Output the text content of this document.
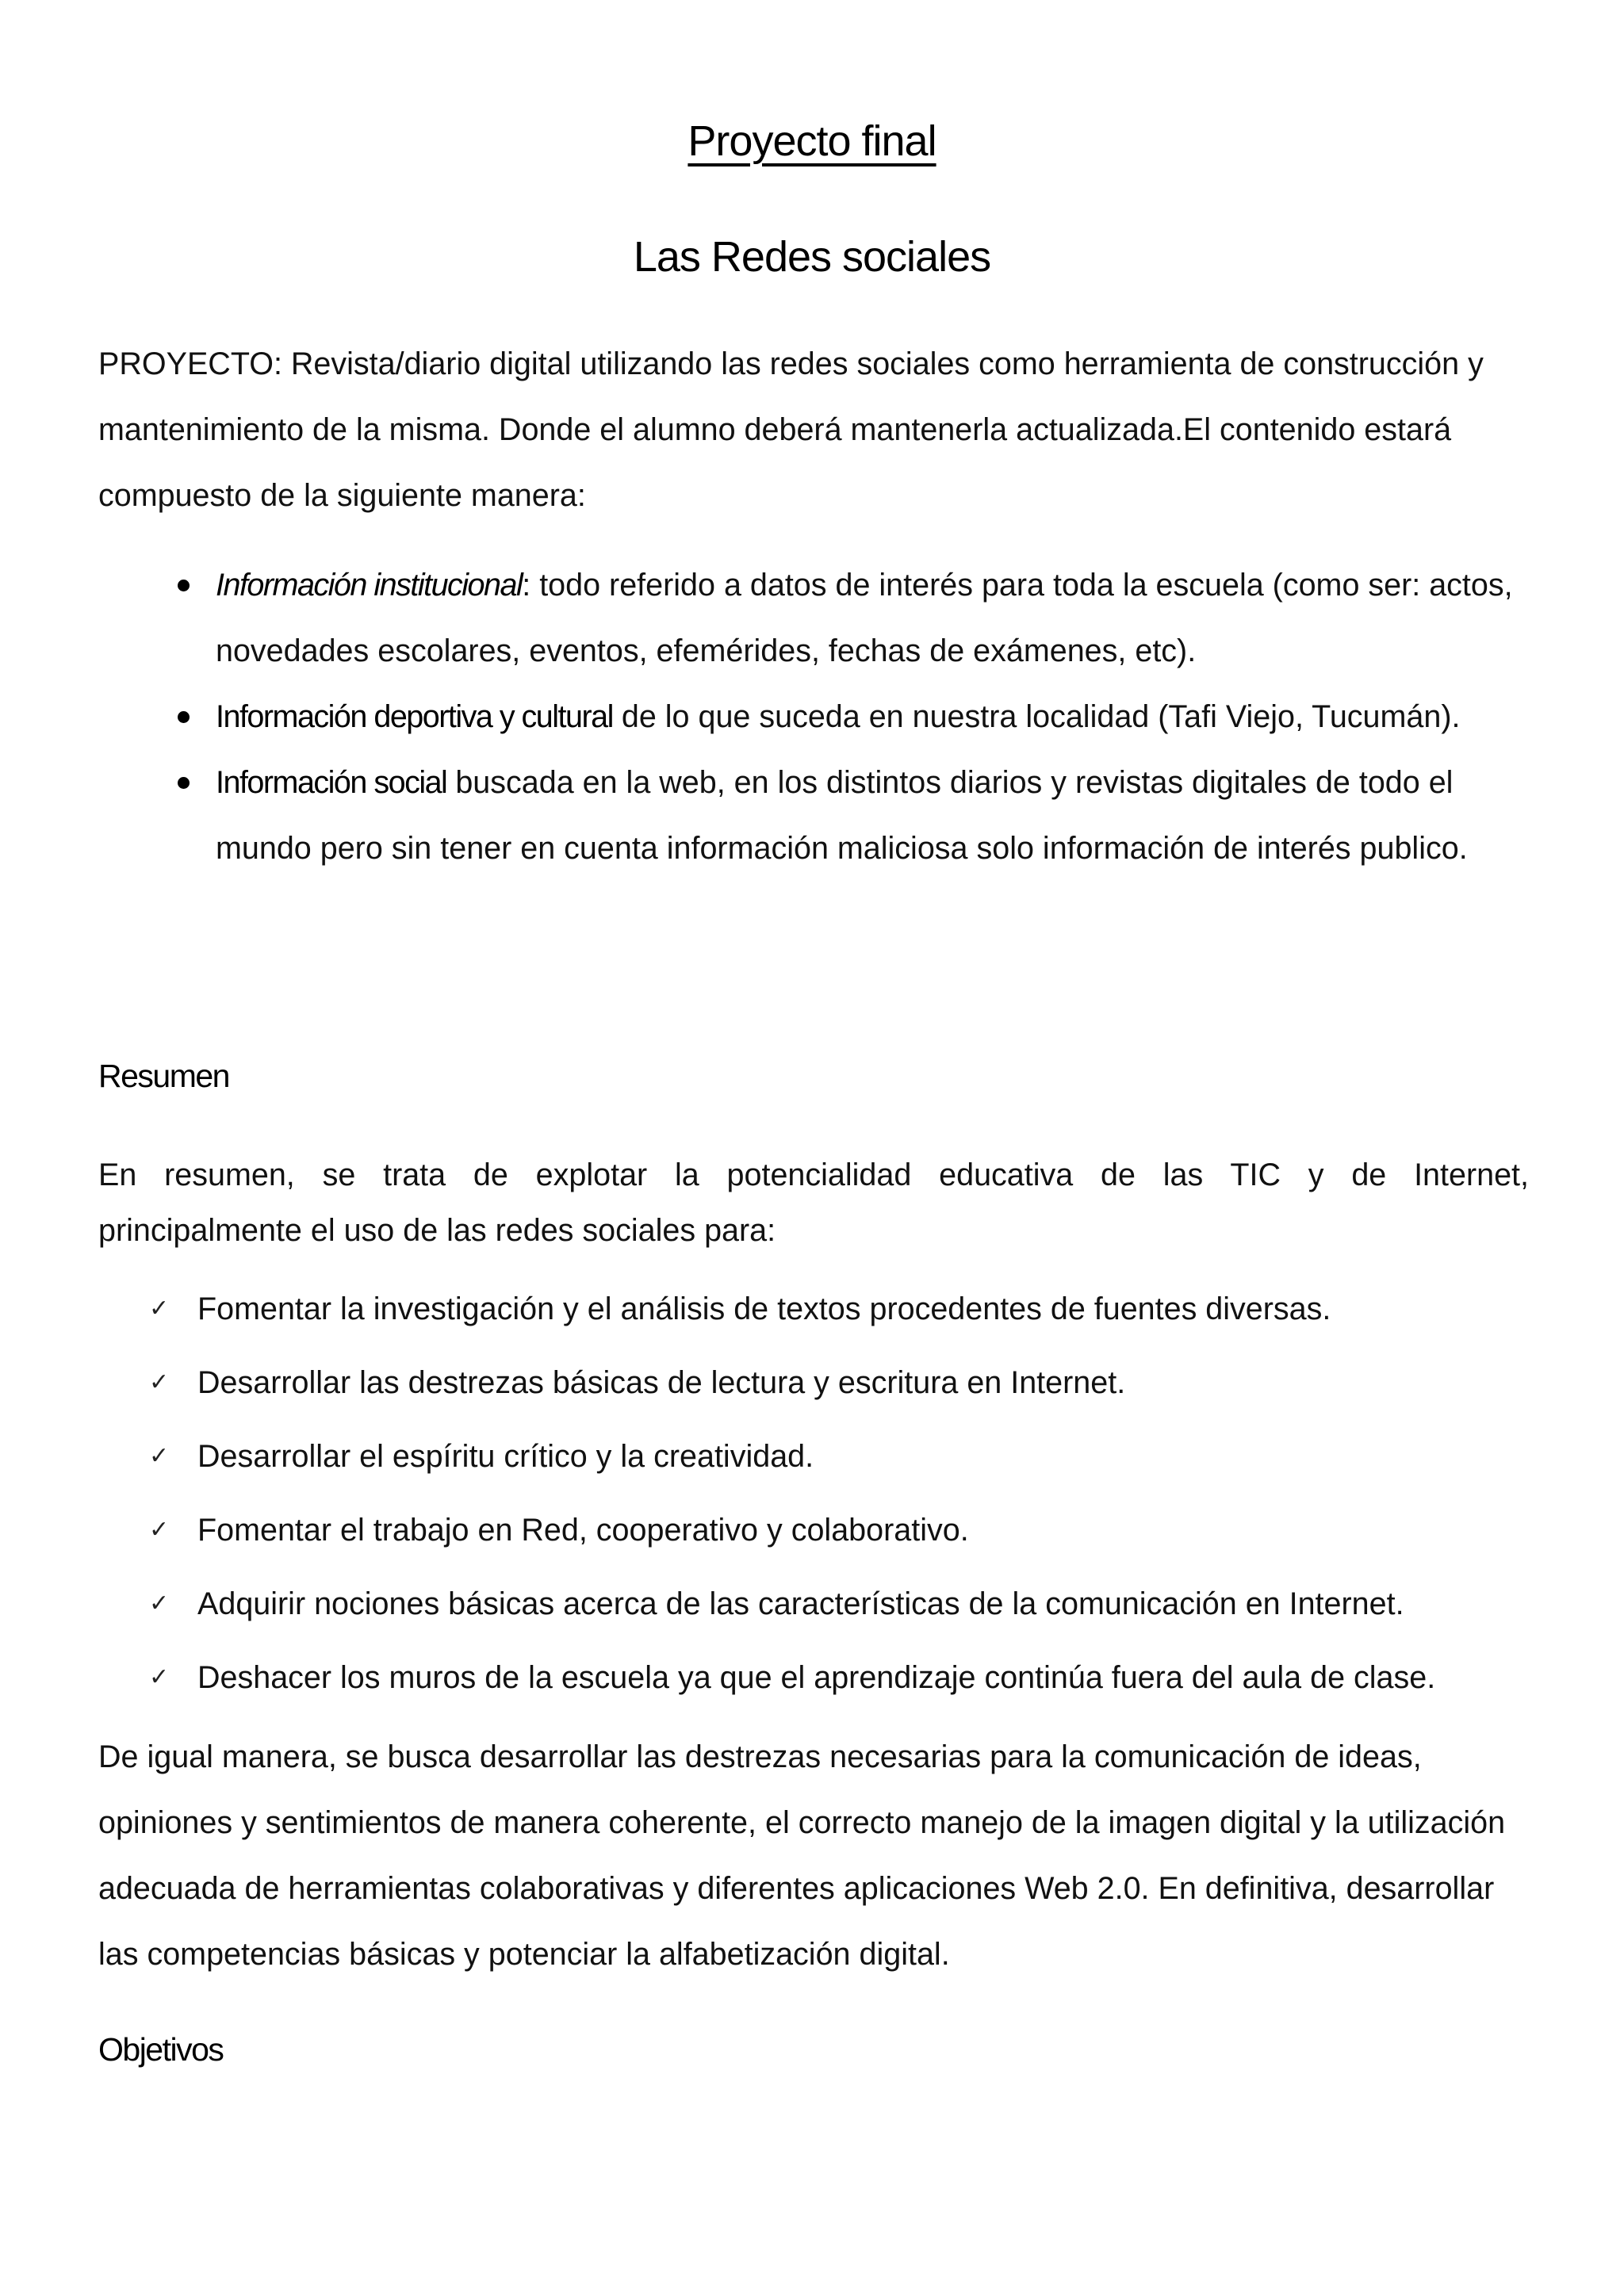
Proyecto final
Las Redes sociales

PROYECTO: Revista/diario digital utilizando las redes sociales como herramienta de construcción y mantenimiento de la misma. Donde el alumno deberá mantenerla actualizada.El contenido estará compuesto de la siguiente manera:

Información institucional: todo referido a datos de interés para toda la escuela (como ser: actos, novedades escolares, eventos, efemérides, fechas de exámenes, etc).
Información deportiva y cultural de lo que suceda en nuestra localidad (Tafi Viejo, Tucumán).
Información social buscada en la web, en los distintos diarios y revistas digitales de todo el mundo pero sin tener en cuenta información maliciosa solo información de interés publico.
Resumen

En resumen, se trata de explotar la potencialidad educativa de las TIC y de Internet,
principalmente el uso de las redes sociales para:

✓ Fomentar la investigación y el análisis de textos procedentes de fuentes diversas.
✓ Desarrollar las destrezas básicas de lectura y escritura en Internet.
✓ Desarrollar el espíritu crítico y la creatividad.
✓ Fomentar el trabajo en Red, cooperativo y colaborativo.
✓ Adquirir nociones básicas acerca de las características de la comunicación en Internet.
✓ Deshacer los muros de la escuela ya que el aprendizaje continúa fuera del aula de clase.

De igual manera, se busca desarrollar las destrezas necesarias para la comunicación de ideas, opiniones y sentimientos de manera coherente, el correcto manejo de la imagen digital y la utilización adecuada de herramientas colaborativas y diferentes aplicaciones Web 2.0. En definitiva, desarrollar las competencias básicas y potenciar la alfabetización digital.

Objetivos
